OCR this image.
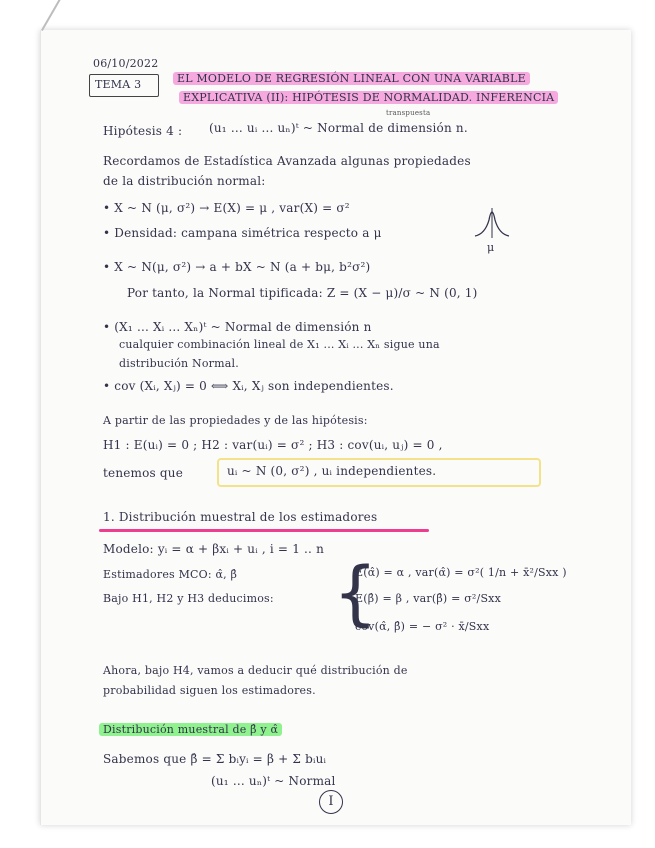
06/10/2022
TEMA 3	EL MODELO DE REGRESIÓN LINEAL CON UNA VARIABLE
EXPLICATIVA (II): HIPÓTESIS DE NORMALIDAD. INFERENCIA
transpuesta
Hipótesis 4 : (u₁ ... uᵢ ... uₙ)ᵗ ~ Normal de dimensión n.
Recordamos de Estadística Avanzada algunas propiedades
de la distribución normal:
• X ~ N (μ, σ²) → E(X) = μ , var(X) = σ²
• Densidad: campana simétrica respecto a μ
μ
• X ~ N(μ, σ²) → a + bX ~ N (a + bμ, b²σ²)
Por tanto, la Normal tipificada: Z = (X − μ)/σ ~ N (0, 1)
• (X₁ ... Xᵢ ... Xₙ)ᵗ ~ Normal de dimensión n
cualquier combinación lineal de X₁ ... Xᵢ ... Xₙ sigue una
distribución Normal.
• cov (Xᵢ, Xⱼ) = 0 ⟺ Xᵢ, Xⱼ son independientes.
A partir de las propiedades y de las hipótesis:
H1 : E(uᵢ) = 0 ; H2 : var(uᵢ) = σ² ; H3 : cov(uᵢ, uⱼ) = 0 ,
tenemos que	uᵢ ~ N (0, σ²) , uᵢ independientes.
1. Distribución muestral de los estimadores
Modelo: yᵢ = α + βxᵢ + uᵢ , i = 1 .. n
Estimadores MCO: α̂, β̂
Bajo H1, H2 y H3 deducimos: {
E(α̂) = α , var(α̂) = σ²( 1/n + x̄²/Sxx )
E(β̂) = β , var(β̂) = σ²/Sxx
cov(α̂, β̂) = − σ² · x̄/Sxx
Ahora, bajo H4, vamos a deducir qué distribución de
probabilidad siguen los estimadores.
Distribución muestral de β̂ y α̂
Sabemos que β̂ = Σ bᵢyᵢ = β + Σ bᵢuᵢ
(u₁ ... uₙ)ᵗ ~ Normal
I
